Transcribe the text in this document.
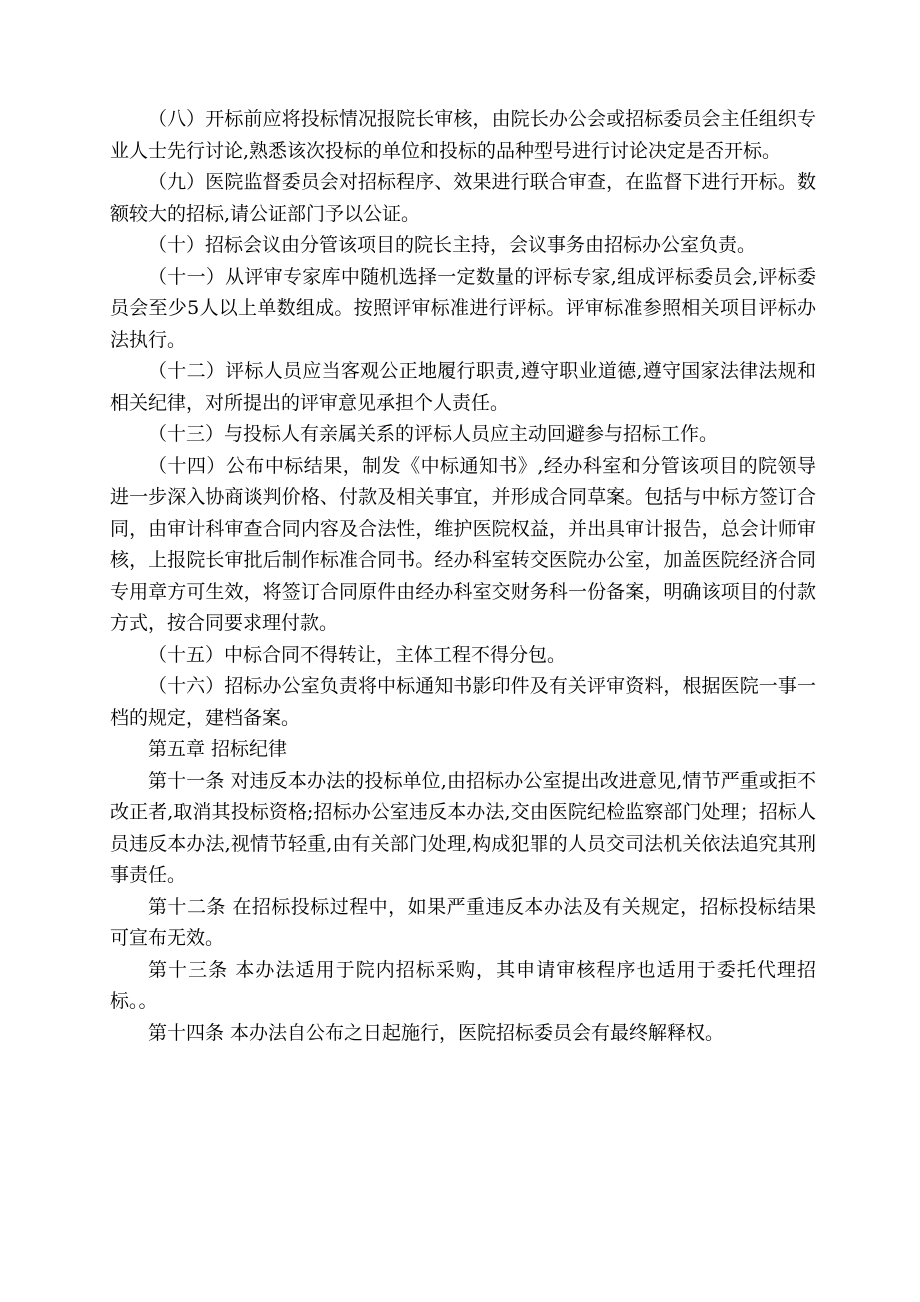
（八）开标前应将投标情况报院长审核，由院长办公会或招标委员会主任组织专业人士先行讨论,熟悉该次投标的单位和投标的品种型号进行讨论决定是否开标。

（九）医院监督委员会对招标程序、效果进行联合审查，在监督下进行开标。数额较大的招标,请公证部门予以公证。

（十）招标会议由分管该项目的院长主持，会议事务由招标办公室负责。

（十一）从评审专家库中随机选择一定数量的评标专家,组成评标委员会,评标委员会至少5人以上单数组成。按照评审标准进行评标。评审标准参照相关项目评标办法执行。

（十二）评标人员应当客观公正地履行职责,遵守职业道德,遵守国家法律法规和相关纪律，对所提出的评审意见承担个人责任。

（十三）与投标人有亲属关系的评标人员应主动回避参与招标工作。

（十四）公布中标结果，制发《中标通知书》,经办科室和分管该项目的院领导进一步深入协商谈判价格、付款及相关事宜，并形成合同草案。包括与中标方签订合同，由审计科审查合同内容及合法性，维护医院权益，并出具审计报告，总会计师审核，上报院长审批后制作标准合同书。经办科室转交医院办公室，加盖医院经济合同专用章方可生效，将签订合同原件由经办科室交财务科一份备案，明确该项目的付款方式，按合同要求理付款。

（十五）中标合同不得转让，主体工程不得分包。

（十六）招标办公室负责将中标通知书影印件及有关评审资料，根据医院一事一档的规定，建档备案。

第五章 招标纪律

第十一条 对违反本办法的投标单位,由招标办公室提出改进意见,情节严重或拒不改正者,取消其投标资格;招标办公室违反本办法,交由医院纪检监察部门处理；招标人员违反本办法,视情节轻重,由有关部门处理,构成犯罪的人员交司法机关依法追究其刑事责任。

第十二条 在招标投标过程中，如果严重违反本办法及有关规定，招标投标结果可宣布无效。

第十三条 本办法适用于院内招标采购，其申请审核程序也适用于委托代理招标。。

第十四条 本办法自公布之日起施行，医院招标委员会有最终解释权。
